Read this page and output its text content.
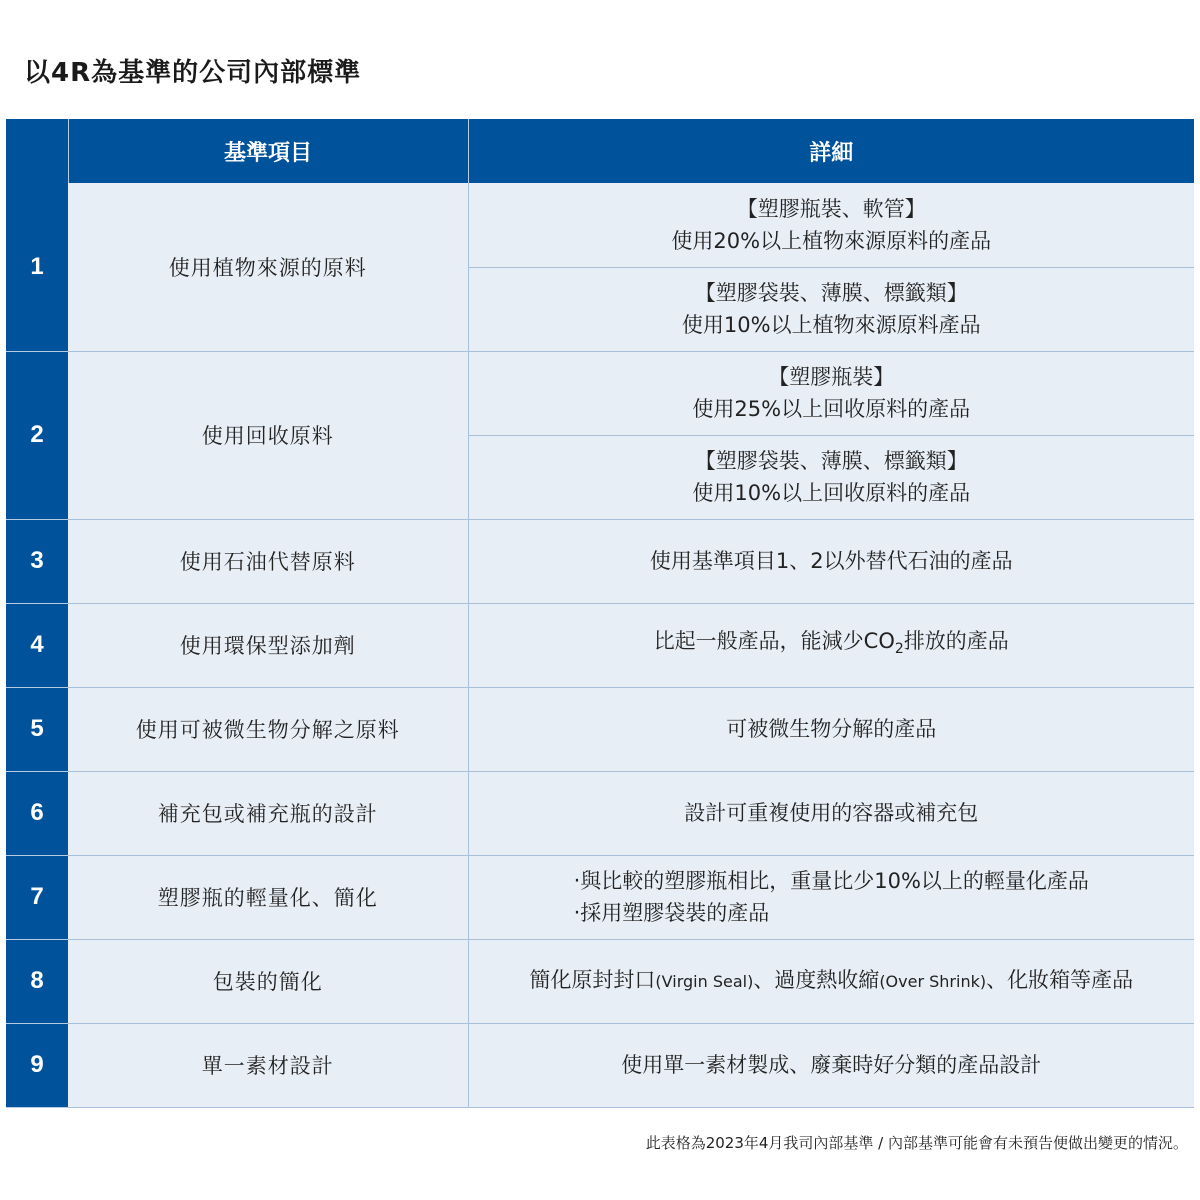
以4R為基準的公司內部標準
	基準項目	詳細
1	使用植物來源的原料	【塑膠瓶裝、軟管】
使用20%以上植物來源原料的產品

		【塑膠袋裝、薄膜、標籤類】
使用10%以上植物來源原料產品

2	使用回收原料	【塑膠瓶裝】
使用25%以上回收原料的產品

		【塑膠袋裝、薄膜、標籤類】
使用10%以上回收原料的產品

3	使用石油代替原料	使用基準項目1、2以外替代石油的產品
4	使用環保型添加劑	比起一般產品，能減少$CO_2$排放的產品
5	使用可被微生物分解之原料	可被微生物分解的產品
6	補充包或補充瓶的設計	設計可重複使用的容器或補充包
7	塑膠瓶的輕量化、簡化	‧與比較的塑膠瓶相比，重量比少10%以上的輕量化產品
‧採用塑膠袋裝的產品

8	包裝的簡化	簡化原封封口(Virgin Seal)、過度熱收縮(Over Shrink)、化妝箱等產品
9	單一素材設計	使用單一素材製成、廢棄時好分類的產品設計
此表格為2023年4月我司內部基準 / 內部基準可能會有未預告便做出變更的情況。
